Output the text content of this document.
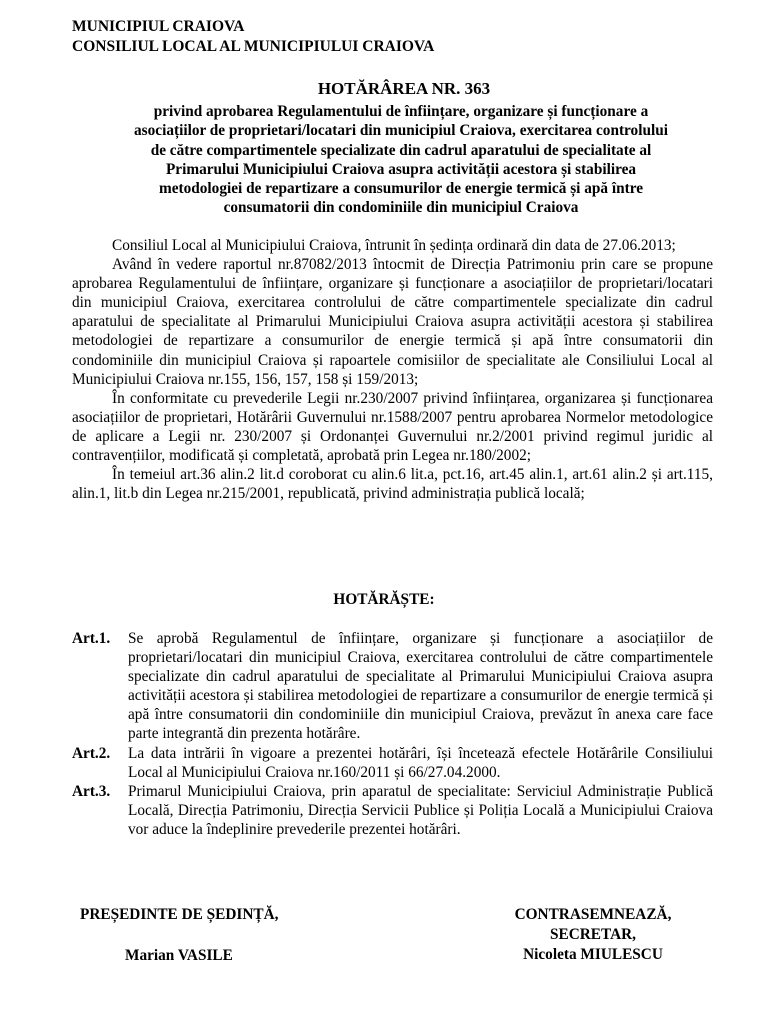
MUNICIPIUL CRAIOVA
CONSILIUL LOCAL AL MUNICIPIULUI CRAIOVA
HOTĂRÂREA NR. 363
privind aprobarea Regulamentului de înființare, organizare și funcționare a
asociațiilor de proprietari/locatari din municipiul Craiova, exercitarea controlului
de către compartimentele specializate din cadrul aparatului de specialitate al
Primarului Municipiului Craiova asupra activității acestora și stabilirea
metodologiei de repartizare a consumurilor de energie termică și apă între
consumatorii din condominiile din municipiul Craiova

Consiliul Local al Municipiului Craiova, întrunit în ședința ordinară din data de 27.06.2013;

Având în vedere raportul nr.87082/2013 întocmit de Direcția Patrimoniu prin care se propune aprobarea Regulamentului de înființare, organizare și funcționare a asociațiilor de proprietari/locatari din municipiul Craiova, exercitarea controlului de către compartimentele specializate din cadrul aparatului de specialitate al Primarului Municipiului Craiova asupra activității acestora și stabilirea metodologiei de repartizare a consumurilor de energie termică și apă între consumatorii din condominiile din municipiul Craiova și rapoartele comisiilor de specialitate ale Consiliului Local al Municipiului Craiova nr.155, 156, 157, 158 și 159/2013;

În conformitate cu prevederile Legii nr.230/2007 privind înființarea, organizarea și funcționarea asociațiilor de proprietari, Hotărârii Guvernului nr.1588/2007 pentru aprobarea Normelor metodologice de aplicare a Legii nr. 230/2007 și Ordonanței Guvernului nr.2/2001 privind regimul juridic al contravențiilor, modificată și completată, aprobată prin Legea nr.180/2002;

În temeiul art.36 alin.2 lit.d coroborat cu alin.6 lit.a, pct.16, art.45 alin.1, art.61 alin.2 și art.115, alin.1, lit.b din Legea nr.215/2001, republicată, privind administrația publică locală;

HOTĂRĂȘTE:
Art.1. Se aprobă Regulamentul de înființare, organizare și funcționare a asociațiilor de proprietari/locatari din municipiul Craiova, exercitarea controlului de către compartimentele specializate din cadrul aparatului de specialitate al Primarului Municipiului Craiova asupra activității acestora și stabilirea metodologiei de repartizare a consumurilor de energie termică și apă între consumatorii din condominiile din municipiul Craiova, prevăzut în anexa care face parte integrantă din prezenta hotărâre.
Art.2. La data intrării în vigoare a prezentei hotărâri, își încetează efectele Hotărârile Consiliului Local al Municipiului Craiova nr.160/2011 și 66/27.04.2000.
Art.3. Primarul Municipiului Craiova, prin aparatul de specialitate: Serviciul Administrație Publică Locală, Direcția Patrimoniu, Direcția Servicii Publice și Poliția Locală a Municipiului Craiova vor aduce la îndeplinire prevederile prezentei hotărâri.
PREȘEDINTE DE ȘEDINȚĂ,
Marian VASILE
CONTRASEMNEAZĂ,
SECRETAR,
Nicoleta MIULESCU
